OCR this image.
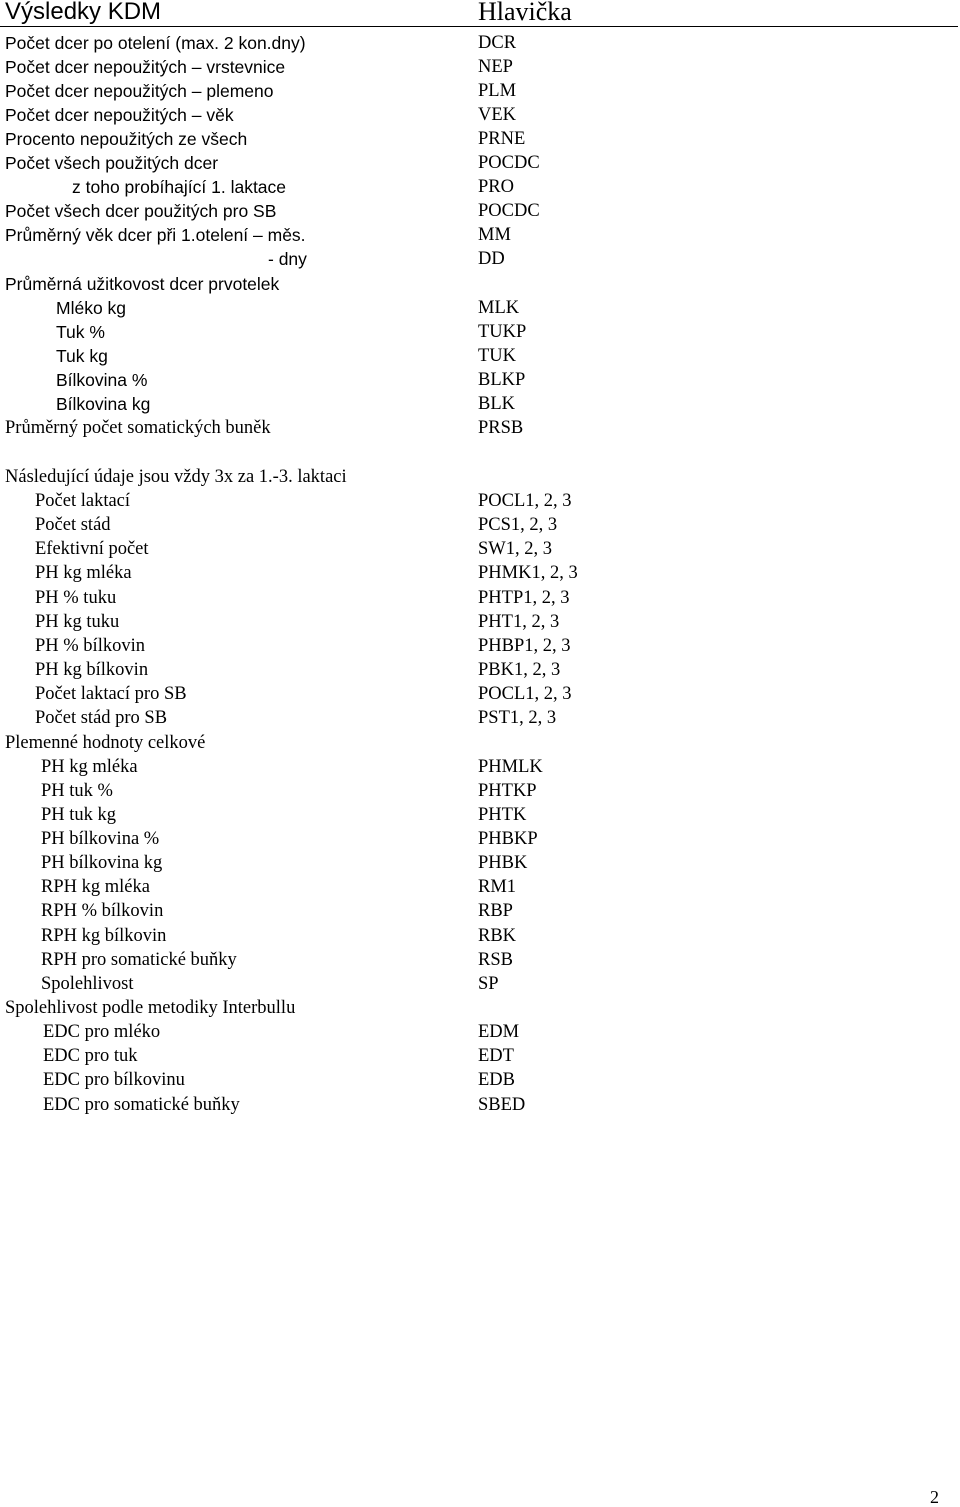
Výsledky KDM	Hlavička
Počet dcer po otelení (max. 2 kon.dny)	DCR
Počet dcer nepoužitých – vrstevnice	NEP
Počet dcer nepoužitých – plemeno	PLM
Počet dcer nepoužitých – věk	VEK
Procento nepoužitých ze všech	PRNE
Počet všech použitých dcer	POCDC
z toho probíhající 1. laktace	PRO
Počet všech dcer použitých pro SB	POCDC
Průměrný věk dcer při 1.otelení – měs.	MM
- dny	DD
Průměrná užitkovost dcer prvotelek
Mléko kg	MLK
Tuk %	TUKP
Tuk kg	TUK
Bílkovina %	BLKP
Bílkovina kg	BLK
Průměrný počet somatických buněk	PRSB
Následující údaje jsou vždy 3x za 1.-3. laktaci
Počet laktací	POCL1, 2, 3
Počet stád	PCS1, 2, 3
Efektivní počet	SW1, 2, 3
PH kg mléka	PHMK1, 2, 3
PH % tuku	PHTP1, 2, 3
PH kg tuku	PHT1, 2, 3
PH % bílkovin	PHBP1, 2, 3
PH kg bílkovin	PBK1, 2, 3
Počet laktací pro SB	POCL1, 2, 3
Počet stád pro SB	PST1, 2, 3
Plemenné hodnoty celkové
PH kg mléka	PHMLK
PH tuk %	PHTKP
PH tuk kg	PHTK
PH bílkovina %	PHBKP
PH bílkovina kg	PHBK
RPH kg mléka	RM1
RPH % bílkovin	RBP
RPH kg bílkovin	RBK
RPH pro somatické buňky	RSB
Spolehlivost	SP
Spolehlivost podle metodiky Interbullu
EDC pro mléko	EDM
EDC pro tuk	EDT
EDC pro bílkovinu	EDB
EDC pro somatické buňky	SBED
2
